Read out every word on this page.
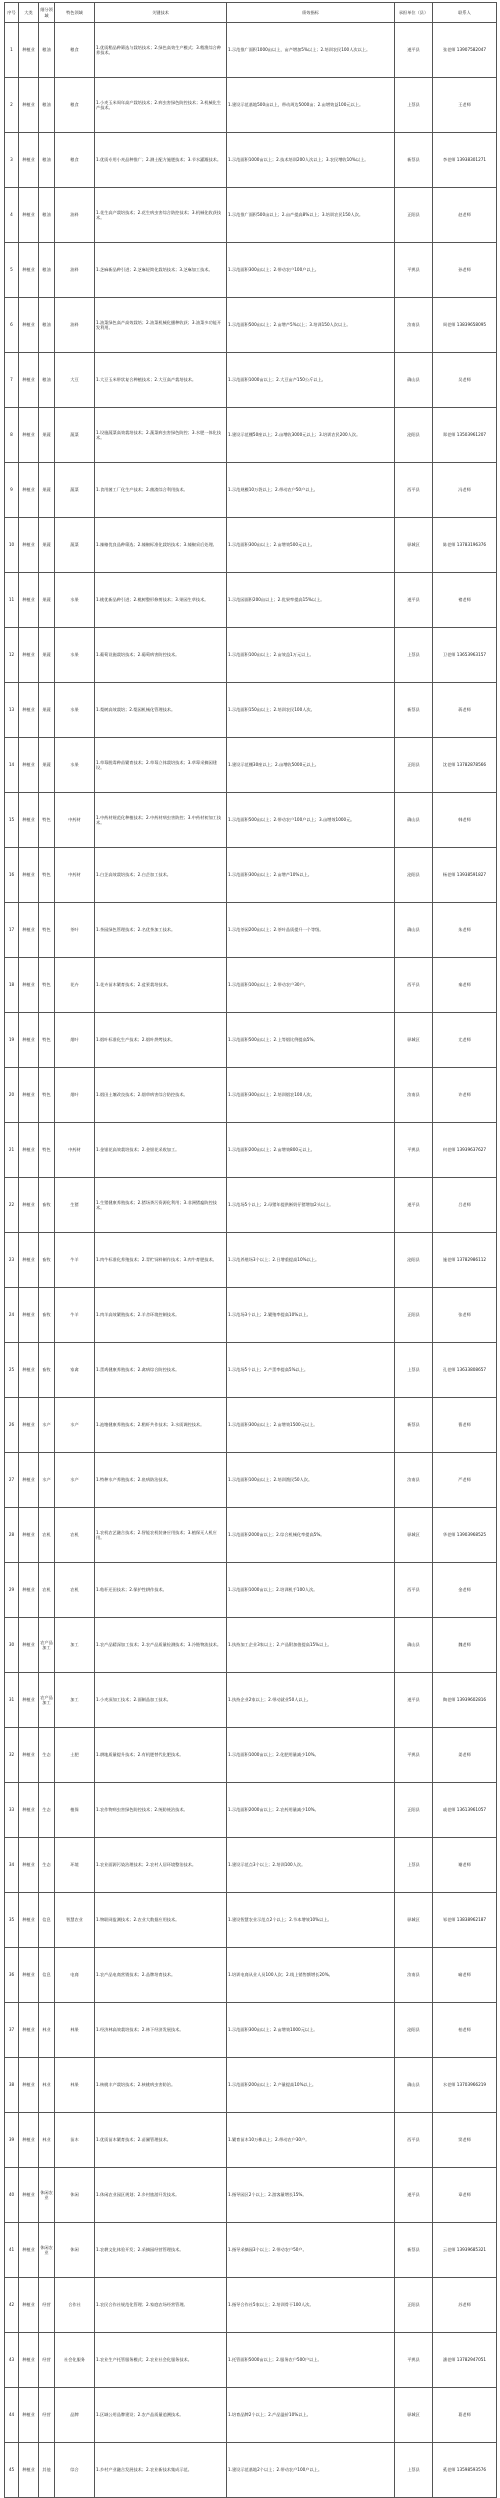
序号	大类	细分领域	特色领域	关键技术	绩效指标	承担单位（县）	联系人
1	种植业	粮油	粮食	1.优质稻品种筛选与栽培技术；2.绿色高效生产模式；3.稻渔综合种养技术。	1.示范推广面积1000亩以上，亩产增加5%以上；2.培训农民100人次以上。	遂平县	张老师 13907582047
2	种植业	粮油	粮食	1.小麦玉米周年高产栽培技术；2.病虫害绿色防控技术；3.机械化生产技术。	1.建设示范基地500亩以上，带动周边5000亩；2.亩增效益100元以上。	上蔡县	王老师
3	种植业	粮油	粮食	1.优质专用小麦品种推广；2.测土配方施肥技术；3.节水灌溉技术。	1.示范面积1000亩以上；2.技术培训200人次以上；3.农民增收10%以上。	新蔡县	李老师 13938301271
4	种植业	粮油	油料	1.花生高产栽培技术；2.花生病虫害综合防控技术；3.机械化收获技术。	1.示范推广面积500亩以上；2.亩产提高8%以上；3.培训农民150人次。	正阳县	赵老师
5	种植业	粮油	油料	1.芝麻新品种引进；2.芝麻轻简化栽培技术；3.芝麻加工技术。	1.示范面积300亩以上；2.带动农户100户以上。	平舆县	孙老师
6	种植业	粮油	油料	1.油菜绿色高产高效栽培；2.油菜机械化播种收获；3.油菜多功能开发利用。	1.示范面积500亩以上；2.亩增产5%以上；3.培训150人次以上。	汝南县	周老师 13839658095
7	种植业	粮油	大豆	1.大豆玉米带状复合种植技术；2.大豆高产栽培技术。	1.示范面积1000亩以上；2.大豆亩产150公斤以上。	确山县	吴老师
8	种植业	果蔬	蔬菜	1.设施蔬菜高效栽培技术；2.蔬菜病虫害绿色防控；3.水肥一体化技术。	1.建设示范棚50座以上；2.亩增收3000元以上；3.培训农民200人次。	泌阳县	郑老师 13503961207
9	种植业	果蔬	蔬菜	1.食用菌工厂化生产技术；2.菌渣综合利用技术。	1.示范规模10万袋以上；2.带动农户50户以上。	西平县	冯老师
10	种植业	果蔬	蔬菜	1.辣椒优良品种筛选；2.辣椒标准化栽培技术；3.辣椒采后处理。	1.示范面积300亩以上；2.亩增效500元以上。	驿城区	陈老师 13783196376
11	种植业	果蔬	水果	1.桃优新品种引进；2.桃树整形修剪技术；3.果园生草技术。	1.示范园面积200亩以上；2.优果率提高15%以上。	遂平县	褚老师
12	种植业	果蔬	水果	1.葡萄设施栽培技术；2.葡萄病害防控技术。	1.示范面积100亩以上；2.亩效益1万元以上。	上蔡县	卫老师 13653963157
13	种植业	果蔬	水果	1.梨树高效栽培；2.梨园机械化管理技术。	1.示范面积150亩以上；2.培训农民100人次。	新蔡县	蒋老师
14	种植业	果蔬	水果	1.草莓脱毒种苗繁育技术；2.草莓立体栽培技术；3.草莓采摘园建设。	1.建设示范棚30座以上；2.亩增收5000元以上。	正阳县	沈老师 13782878566
15	种植业	特色	中药材	1.中药材规范化种植技术；2.中药材病虫害防控；3.中药材初加工技术。	1.示范面积500亩以上；2.带动农户100户以上；3.亩增效1000元。	确山县	韩老师
16	种植业	特色	中药材	1.白芷高效栽培技术；2.白芷加工技术。	1.示范面积300亩以上；2.亩增产10%以上。	泌阳县	杨老师 13938591827
17	种植业	特色	茶叶	1.茶园绿色管理技术；2.名优茶加工技术。	1.示范茶园200亩以上；2.茶叶品质提升一个等级。	确山县	朱老师
18	种植业	特色	花卉	1.花卉苗木繁育技术；2.盆景栽培技术。	1.示范面积100亩以上；2.带动农户30户。	西平县	秦老师
19	种植业	特色	烟叶	1.烟叶标准化生产技术；2.烟叶烘烤技术。	1.示范面积500亩以上；2.上等烟比例提高5%。	驿城区	尤老师
20	种植业	特色	烟叶	1.烟田土壤改良技术；2.烟草病害综合防控技术。	1.示范面积300亩以上；2.培训烟农100人次。	汝南县	许老师
21	种植业	特色	中药材	1.金银花高效栽培技术；2.金银花采收加工。	1.示范面积200亩以上；2.亩增效800元以上。	平舆县	何老师 13939637627
22	种植业	畜牧	生猪	1.生猪健康养殖技术；2.猪场粪污资源化利用；3.非洲猪瘟防控技术。	1.示范场5个以上；2.母猪年提供断奶仔猪增加2头以上。	遂平县	吕老师
23	种植业	畜牧	牛羊	1.肉牛标准化养殖技术；2.青贮饲料制作技术；3.肉牛育肥技术。	1.示范养殖场3个以上；2.日增重提高10%以上。	泌阳县	施老师 13782986112
24	种植业	畜牧	牛羊	1.肉羊高效繁殖技术；2.羊舍环境控制技术。	1.示范场3个以上；2.繁殖率提高10%以上。	正阳县	张老师
25	种植业	畜牧	家禽	1.蛋鸡健康养殖技术；2.禽病综合防控技术。	1.示范场5个以上；2.产蛋率提高5%以上。	上蔡县	孔老师 13633808657
26	种植业	水产	水产	1.池塘健康养殖技术；2.稻虾共作技术；3.水质调控技术。	1.示范面积300亩以上；2.亩增效1500元以上。	新蔡县	曹老师
27	种植业	水产	水产	1.特种水产养殖技术；2.鱼病防治技术。	1.示范面积100亩以上；2.培训渔民50人次。	汝南县	严老师
28	种植业	农机	农机	1.农机农艺融合技术；2.智能农机装备应用技术；3.植保无人机应用。	1.示范面积2000亩以上；2.综合机械化率提高5%。	驿城区	华老师 13903968525
29	种植业	农机	农机	1.秸秆还田技术；2.保护性耕作技术。	1.示范面积1000亩以上；2.培训机手100人次。	西平县	金老师
30	种植业	农产品加工	加工	1.农产品精深加工技术；2.农产品质量检测技术；3.冷链物流技术。	1.扶持加工企业3家以上；2.产品附加值提高15%以上。	确山县	魏老师
31	种植业	农产品加工	加工	1.小麦深加工技术；2.面制品加工技术。	1.扶持企业2家以上；2.带动就业50人以上。	遂平县	陶老师 13939602816
32	种植业	生态	土肥	1.耕地质量提升技术；2.有机肥替代化肥技术。	1.示范面积1000亩以上；2.化肥用量减少10%。	平舆县	姜老师
33	种植业	生态	植保	1.农作物病虫害绿色防控技术；2.统防统治技术。	1.示范面积2000亩以上；2.农药用量减少10%。	正阳县	戚老师 13613961057
34	种植业	生态	环境	1.农业面源污染治理技术；2.农村人居环境整治技术。	1.建设示范点3个以上；2.培训100人次。	上蔡县	谢老师
35	种植业	信息	智慧农业	1.物联网监测技术；2.农业大数据应用技术。	1.建设智慧农业示范点2个以上；2.节本增效10%以上。	驿城区	邹老师 13838962187
36	种植业	信息	电商	1.农产品电商营销技术；2.品牌培育技术。	1.培训电商从业人员100人次；2.线上销售额增长20%。	汝南县	喻老师
37	种植业	林业	林果	1.经济林高效栽培技术；2.林下经济发展技术。	1.示范面积300亩以上；2.亩增效1000元以上。	泌阳县	柏老师
38	种植业	林业	林果	1.核桃丰产栽培技术；2.核桃病虫害防治。	1.示范面积200亩以上；2.产量提高10%以上。	确山县	水老师 13703966219
39	种植业	林业	苗木	1.优质苗木繁育技术；2.苗圃管理技术。	1.繁育苗木10万株以上；2.带动农户30户。	西平县	窦老师
40	种植业	休闲农业	休闲	1.休闲农业园区规划；2.乡村旅游开发技术。	1.指导园区2个以上；2.游客量增长15%。	遂平县	章老师
41	种植业	休闲农业	休闲	1.农耕文化体验开发；2.采摘园经营管理技术。	1.指导采摘园3个以上；2.带动农户50户。	新蔡县	云老师 13939685321
42	种植业	经营	合作社	1.农民合作社规范化管理；2.家庭农场经营管理。	1.指导合作社5家以上；2.培训骨干100人次。	正阳县	苏老师
43	种植业	经营	社会化服务	1.农业生产托管服务模式；2.农业社会化服务技术。	1.托管面积5000亩以上；2.服务农户500户以上。	平舆县	潘老师 13782947051
44	种植业	经营	品牌	1.区域公用品牌建设；2.农产品质量追溯技术。	1.培育品牌2个以上；2.产品溢价10%以上。	驿城区	葛老师
45	种植业	其他	综合	1.乡村产业融合发展技术；2.农业新技术集成示范。	1.建设示范基地2个以上；2.带动农户100户以上。	上蔡县	奚老师 13598593576
